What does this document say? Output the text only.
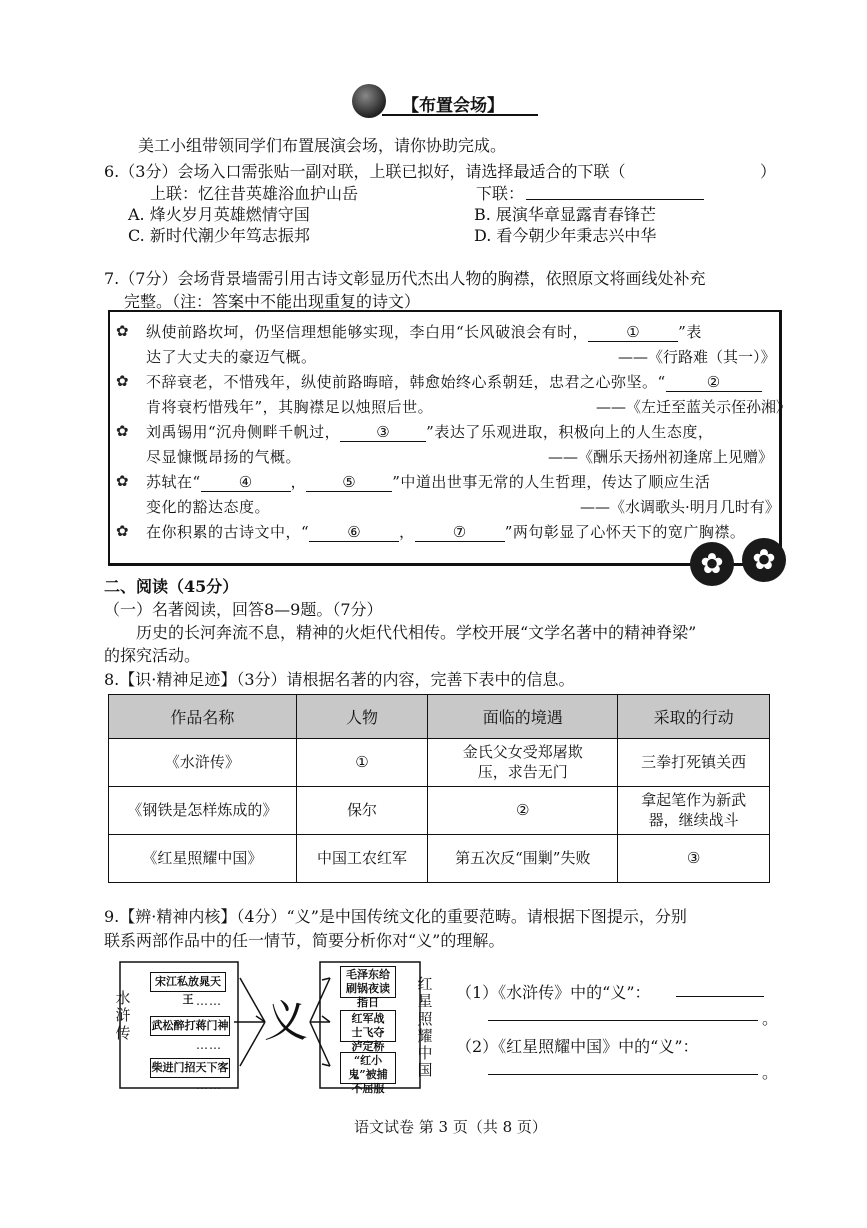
【布置会场】
美工小组带领同学们布置展演会场，请你协助完成。
6.（3分）会场入口需张贴一副对联，上联已拟好，请选择最适合的下联（	）
上联：忆往昔英雄浴血护山岳	下联：
A. 烽火岁月英雄燃情守国	B. 展演华章显露青春锋芒
C. 新时代潮少年笃志振邦	D. 看今朝少年秉志兴中华
7.（7分）会场背景墙需引用古诗文彰显历代杰出人物的胸襟，依照原文将画线处补充
完整。（注：答案中不能出现重复的诗文）
✿ 纵使前路坎坷，仍坚信理想能够实现，李白用“长风破浪会有时，	①	”表
达了大丈夫的豪迈气概。	——《行路难（其一）》
✿ 不辞衰老，不惜残年，纵使前路晦暗，韩愈始终心系朝廷，忠君之心弥坚。“	②
肯将衰朽惜残年”，其胸襟足以烛照后世。	——《左迁至蓝关示侄孙湘》
✿ 刘禹锡用“沉舟侧畔千帆过， ③ ”表达了乐观进取，积极向上的人生态度，
尽显慷慨昂扬的气概。	——《酬乐天扬州初逢席上见赠》
✿ 苏轼在“	④	， ⑤ ”中道出世事无常的人生哲理，传达了顺应生活
变化的豁达态度。	——《水调歌头·明月几时有》
✿ 在你积累的古诗文中，“	⑥	，	⑦	”两句彰显了心怀天下的宽广胸襟。
✿	✿
二、阅读（45分）
（一）名著阅读，回答8—9题。（7分）
历史的长河奔流不息，精神的火炬代代相传。学校开展“文学名著中的精神脊梁”
的探究活动。
8.【识·精神足迹】（3分）请根据名著的内容，完善下表中的信息。
作品名称	人物	面临的境遇	采取的行动
《水浒传》	①	金氏父女受郑屠欺压，求告无门	三拳打死镇关西
《钢铁是怎样炼成的》	保尔	②	拿起笔作为新武器，继续战斗
《红星照耀中国》	中国工农红军	第五次反“围剿”失败	③
9.【辨·精神内核】（4分）“义”是中国传统文化的重要范畴。请根据下图提示，分别
联系两部作品中的任一情节，简要分析你对“义”的理解。
水浒传
红星照耀中国
宋江私放晁天王 ……
武松醉打蒋门神
……
柴进门招天下客
……
义
毛泽东给刷锅夜读指日
红军战士飞夺泸定桥
“红小鬼”被捕不屈服
（1）《水浒传》中的“义”：
。
（2）《红星照耀中国》中的“义”：
。
语文试卷 第 3 页（共 8 页）
